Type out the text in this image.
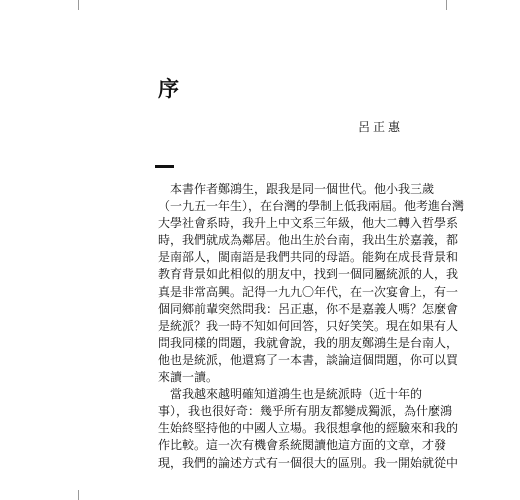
序
呂正惠
　本書作者鄭鴻生，跟我是同一個世代。他小我三歲
（一九五一年生），在台灣的學制上低我兩屆。他考進台灣
大學社會系時，我升上中文系三年級，他大二轉入哲學系
時，我們就成為鄰居。他出生於台南，我出生於嘉義，都
是南部人，閩南語是我們共同的母語。能夠在成長背景和
教育背景如此相似的朋友中，找到一個同屬統派的人，我
真是非常高興。記得一九九〇年代，在一次宴會上，有一
個同鄉前輩突然問我：呂正惠，你不是嘉義人嗎？怎麼會
是統派？我一時不知如何回答，只好笑笑。現在如果有人
問我同樣的問題，我就會說，我的朋友鄭鴻生是台南人，
他也是統派，他還寫了一本書，談論這個問題，你可以買
來讀一讀。
　當我越來越明確知道鴻生也是統派時（近十年的
事），我也很好奇：幾乎所有朋友都變成獨派，為什麼鴻
生始終堅持他的中國人立場。我很想拿他的經驗來和我的
作比較。這一次有機會系統閱讀他這方面的文章，才發
現，我們的論述方式有一個很大的區別。我一開始就從中
